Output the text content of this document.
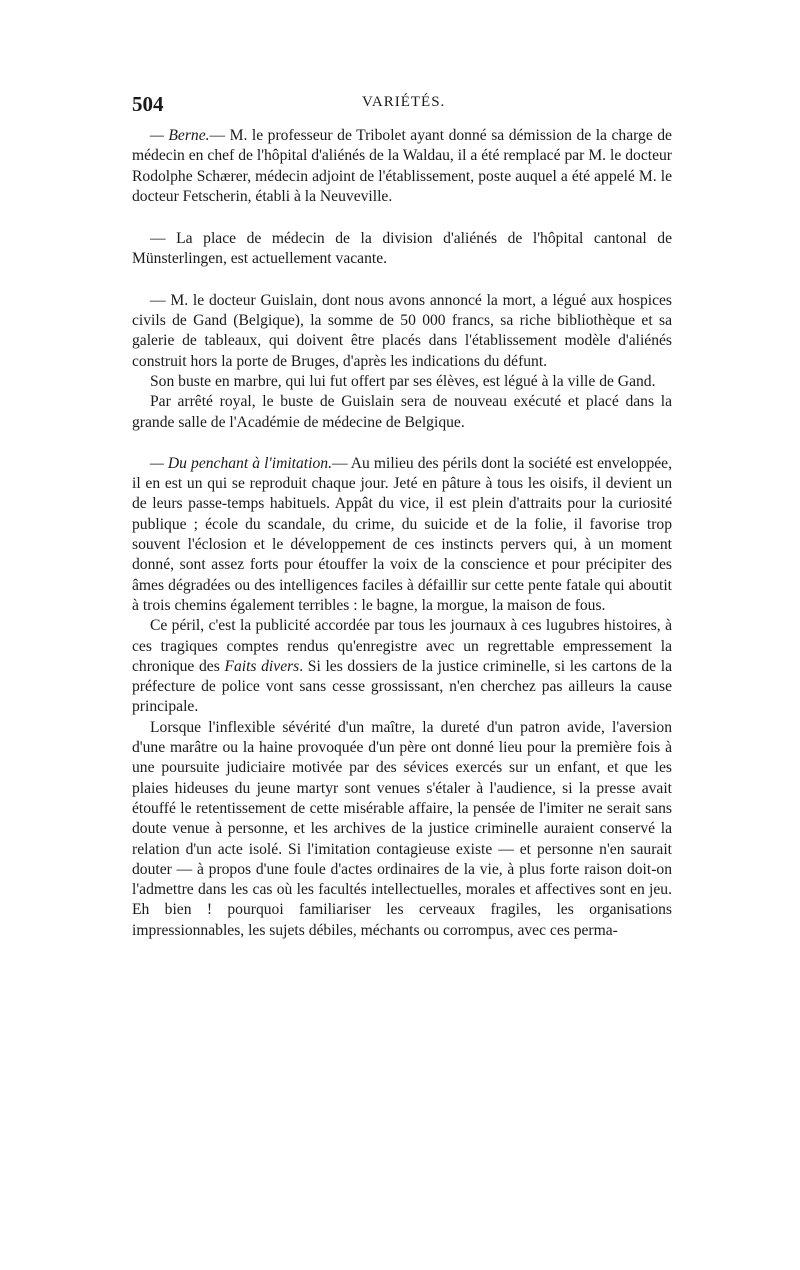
504	VARIÉTÉS.

— Berne.— M. le professeur de Tribolet ayant donné sa démission de la charge de médecin en chef de l'hôpital d'aliénés de la Waldau, il a été remplacé par M. le docteur Rodolphe Schærer, médecin adjoint de l'établissement, poste auquel a été appelé M. le docteur Fetscherin, établi à la Neuveville.

— La place de médecin de la division d'aliénés de l'hôpital cantonal de Münsterlingen, est actuellement vacante.

— M. le docteur Guislain, dont nous avons annoncé la mort, a légué aux hospices civils de Gand (Belgique), la somme de 50 000 francs, sa riche bibliothèque et sa galerie de tableaux, qui doivent être placés dans l'établissement modèle d'aliénés construit hors la porte de Bruges, d'après les indications du défunt.

Son buste en marbre, qui lui fut offert par ses élèves, est légué à la ville de Gand.

Par arrêté royal, le buste de Guislain sera de nouveau exécuté et placé dans la grande salle de l'Académie de médecine de Belgique.

— Du penchant à l'imitation.— Au milieu des périls dont la société est enveloppée, il en est un qui se reproduit chaque jour. Jeté en pâture à tous les oisifs, il devient un de leurs passe-temps habituels. Appât du vice, il est plein d'attraits pour la curiosité publique ; école du scandale, du crime, du suicide et de la folie, il favorise trop souvent l'éclosion et le développement de ces instincts pervers qui, à un moment donné, sont assez forts pour étouffer la voix de la conscience et pour précipiter des âmes dégradées ou des intelligences faciles à défaillir sur cette pente fatale qui aboutit à trois chemins également terribles : le bagne, la morgue, la maison de fous.

Ce péril, c'est la publicité accordée par tous les journaux à ces lugubres histoires, à ces tragiques comptes rendus qu'enregistre avec un regrettable empressement la chronique des Faits divers. Si les dossiers de la justice criminelle, si les cartons de la préfecture de police vont sans cesse grossissant, n'en cherchez pas ailleurs la cause principale.

Lorsque l'inflexible sévérité d'un maître, la dureté d'un patron avide, l'aversion d'une marâtre ou la haine provoquée d'un père ont donné lieu pour la première fois à une poursuite judiciaire motivée par des sévices exercés sur un enfant, et que les plaies hideuses du jeune martyr sont venues s'étaler à l'audience, si la presse avait étouffé le retentissement de cette misérable affaire, la pensée de l'imiter ne serait sans doute venue à personne, et les archives de la justice criminelle auraient conservé la relation d'un acte isolé. Si l'imitation contagieuse existe — et personne n'en saurait douter — à propos d'une foule d'actes ordinaires de la vie, à plus forte raison doit-on l'admettre dans les cas où les facultés intellectuelles, morales et affectives sont en jeu. Eh bien ! pourquoi familiariser les cerveaux fragiles, les organisations impressionnables, les sujets débiles, méchants ou corrompus, avec ces perma-
